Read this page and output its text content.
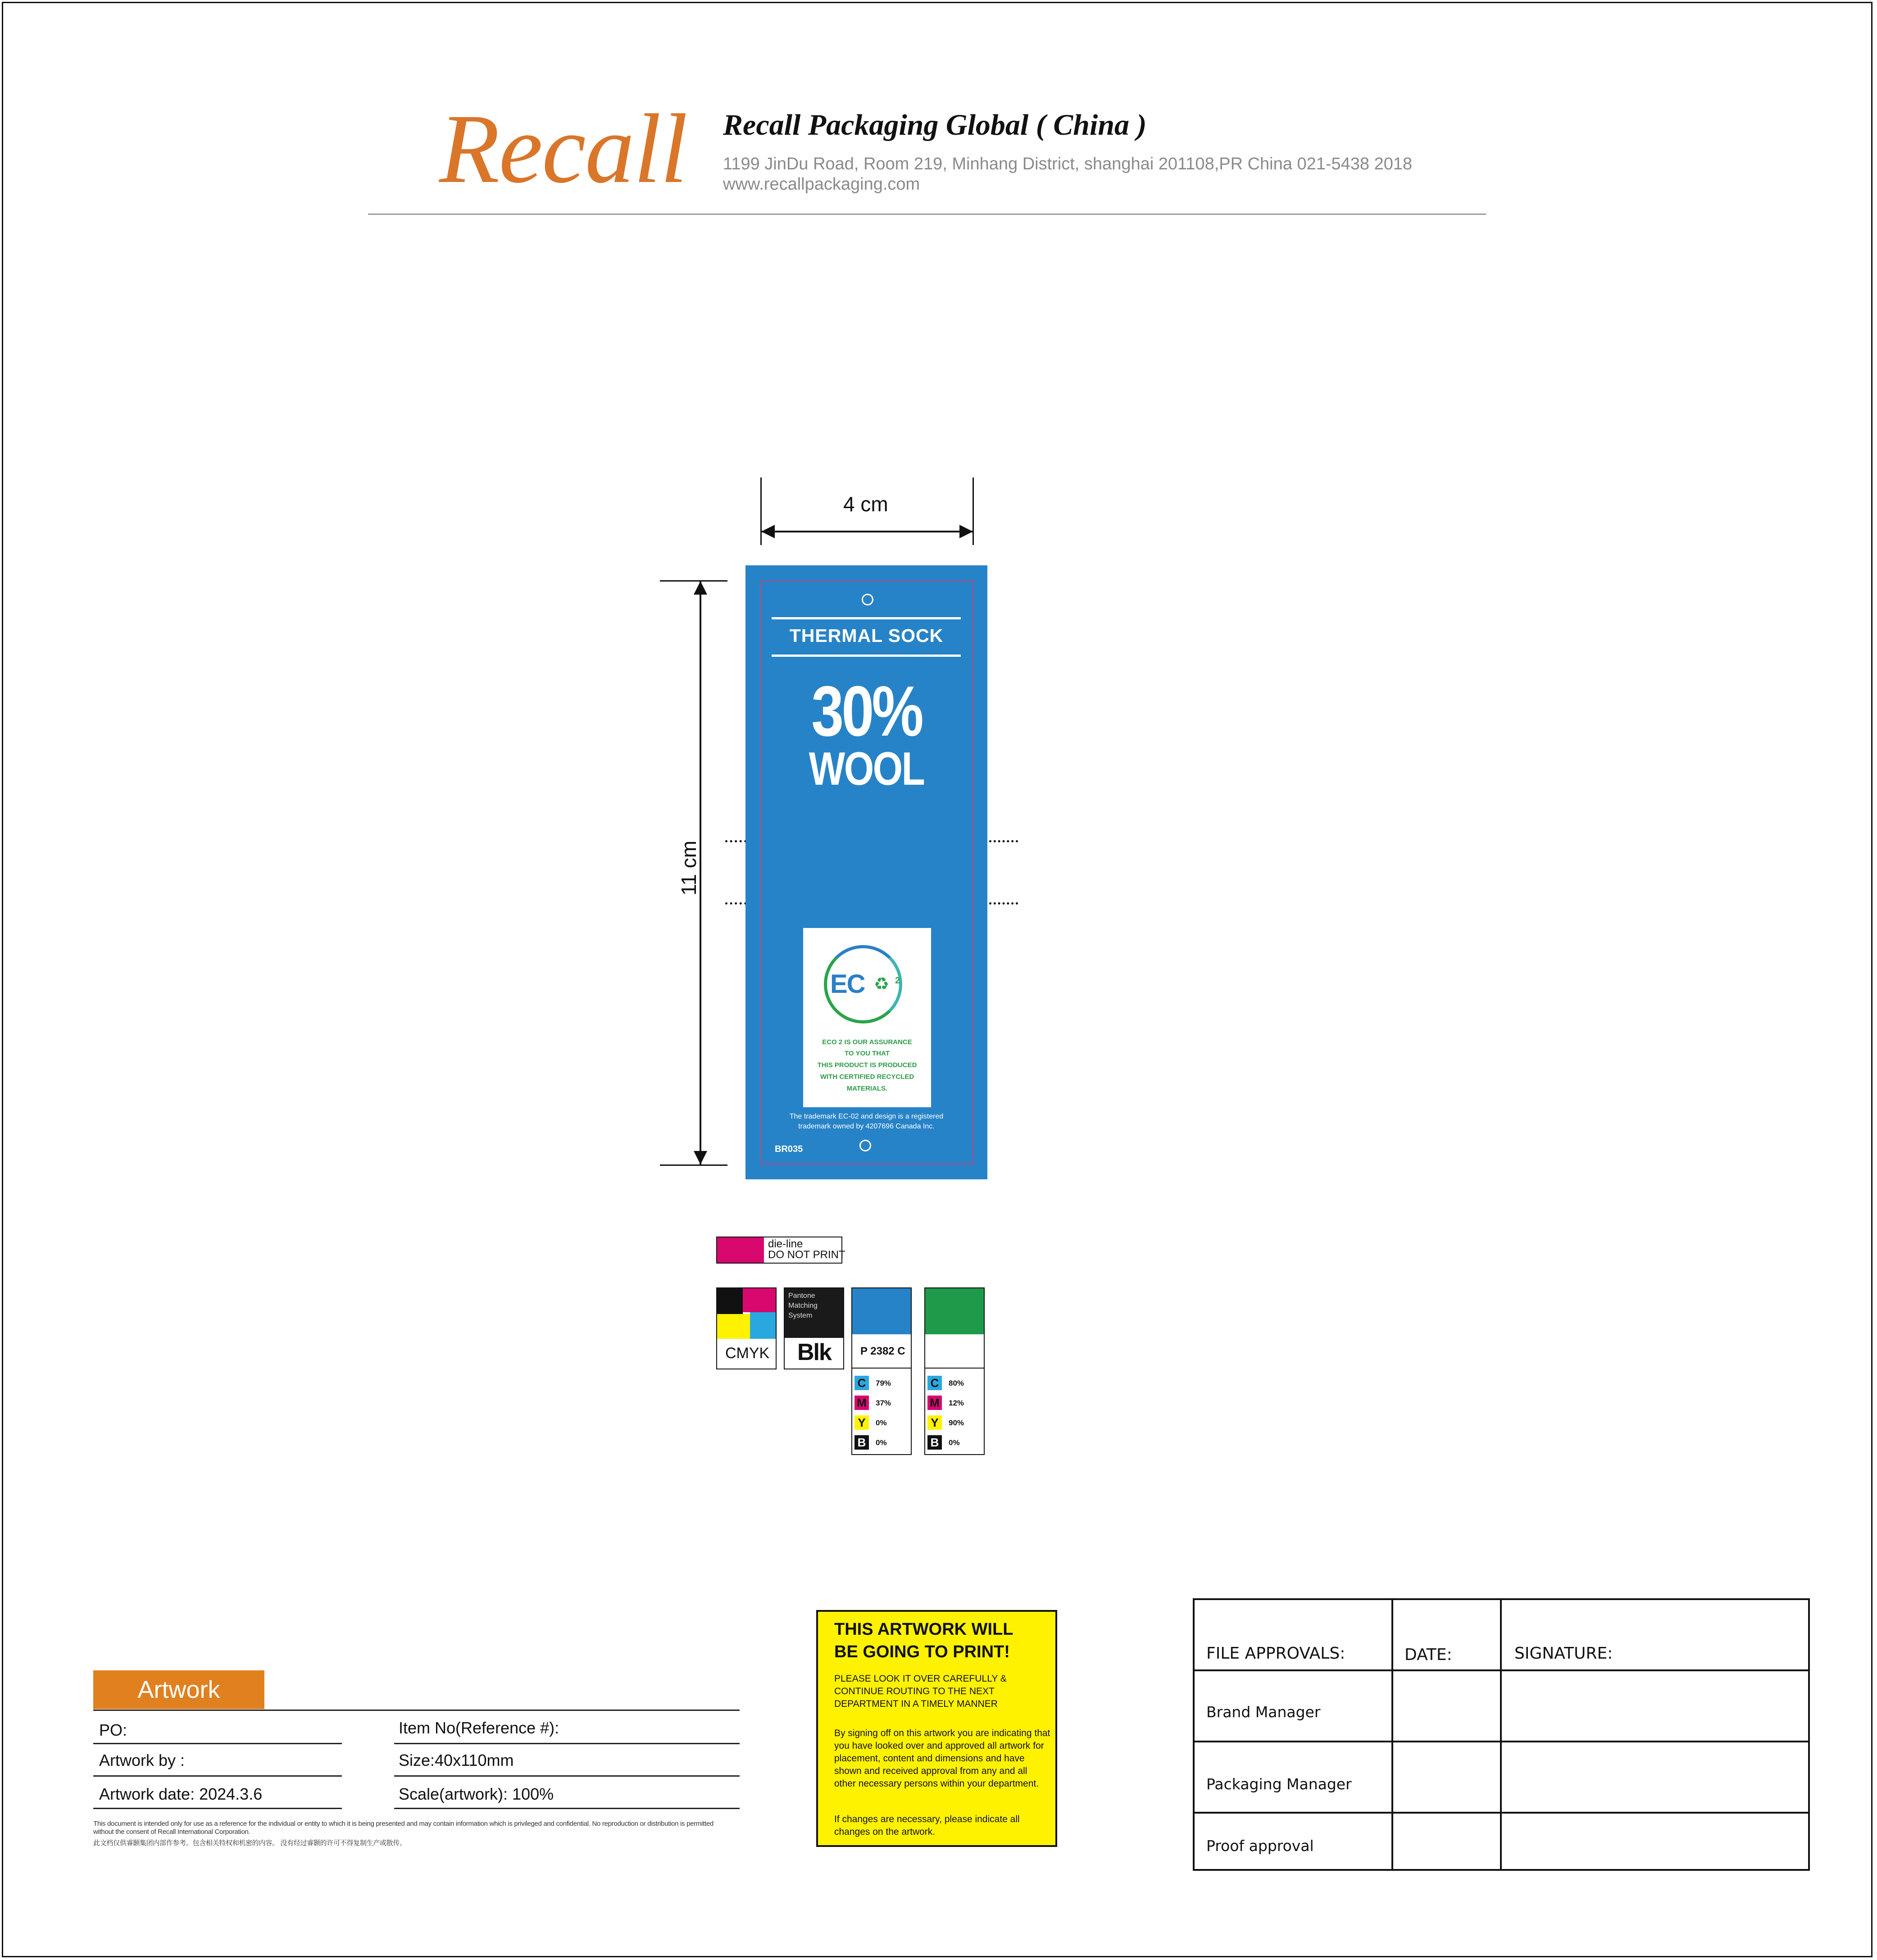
Recall Recall Packaging Global ( China )
1199 JinDu Road, Room 219, Minhang District, shanghai 201108,PR China 021-5438 2018
www.recallpackaging.com
4 cm
11 cm
THERMAL SOCK
30%
WOOL
EC ♻ 2
ECO 2 IS OUR ASSURANCE
TO YOU THAT
THIS PRODUCT IS PRODUCED
WITH CERTIFIED RECYCLED
MATERIALS.
The trademark EC-02 and design is a registered
trademark owned by 4207696 Canada Inc.
BR035
die-line
DO NOT PRINT
CMYK
Pantone
Matching
System
Blk	P 2382 C
C	79%
M	37%
Y	0%
B	0%
C	80%
M	12%
Y	90%
B	0%
Artwork
PO:	Item No(Reference #):
Artwork by :	Size:40x110mm
Artwork date: 2024.3.6	Scale(artwork): 100%
This document is intended only for use as a reference for the individual or entity to which it is being presented and may contain information which is privileged and confidential. No reproduction or distribution is permitted
without the consent of Recall International Corporation.
此文档仅供睿颢集团内部作参考。包含相关特权和机密的内容。 没有经过睿颢的许可不得复制生产或散传。
THIS ARTWORK WILL
BE GOING TO PRINT!
PLEASE LOOK IT OVER CAREFULLY & CONTINUE ROUTING TO THE NEXT DEPARTMENT IN A TIMELY MANNER
By signing off on this artwork you are indicating that you have looked over and approved all artwork for placement, content and dimensions and have shown and received approval from any and all other necessary persons within your department.
If changes are necessary, please indicate all changes on the artwork.
FILE APPROVALS:	DATE:	SIGNATURE:
Brand Manager
Packaging Manager
Proof approval
